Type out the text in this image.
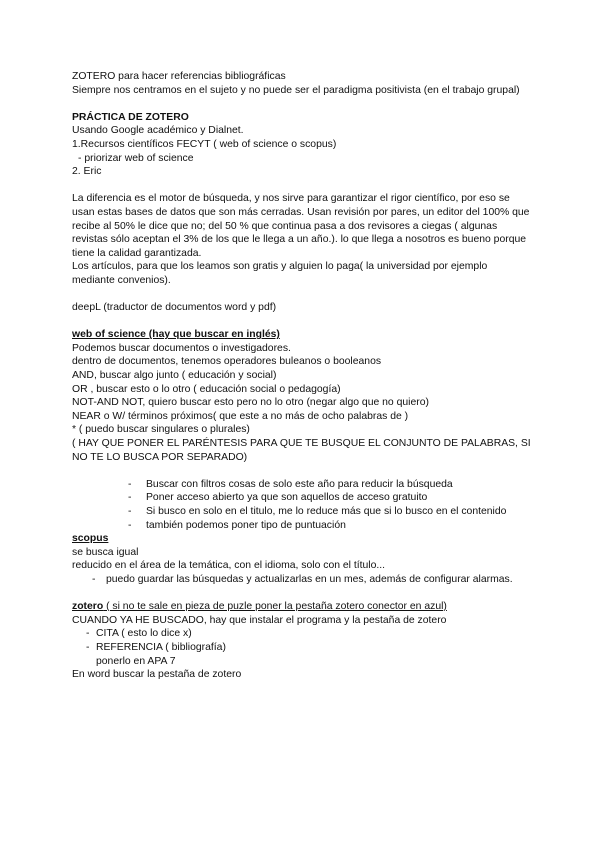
ZOTERO para hacer referencias bibliográficas

Siempre nos centramos en el sujeto y no puede ser el paradigma positivista (en el trabajo grupal)

PRÁCTICA DE ZOTERO

Usando Google académico y Dialnet.

1.Recursos científicos FECYT ( web of science o scopus)

- priorizar web of science

2. Eric

La diferencia es el motor de búsqueda, y nos sirve para garantizar el rigor científico, por eso se usan estas bases de datos que son más cerradas. Usan revisión por pares, un editor del 100% que recibe al 50% le dice que no; del 50 % que continua pasa a dos revisores a ciegas ( algunas revistas sólo aceptan el 3% de los que le llega a un año.). lo que llega a nosotros es bueno porque tiene la calidad garantizada.

Los artículos, para que los leamos son gratis y alguien lo paga( la universidad por ejemplo mediante convenios).

deepL (traductor de documentos word y pdf)

web of science (hay que buscar en inglés)

Podemos buscar documentos o investigadores.

dentro de documentos, tenemos operadores buleanos o booleanos

AND, buscar algo junto ( educación y social)

OR , buscar esto o lo otro ( educación social o pedagogía)

NOT-AND NOT, quiero buscar esto pero no lo otro (negar algo que no quiero)

NEAR o W/ términos próximos( que este a no más de ocho palabras de )

* ( puedo buscar singulares o plurales)

( HAY QUE PONER EL PARÉNTESIS PARA QUE TE BUSQUE EL CONJUNTO DE PALABRAS, SI NO TE LO BUSCA POR SEPARADO)

- Buscar con filtros cosas de solo este año para reducir la búsqueda
- Poner acceso abierto ya que son aquellos de acceso gratuito
- Si busco en solo en el titulo, me lo reduce más que si lo busco en el contenido
- también podemos poner tipo de puntuación

scopus

se busca igual

reducido en el área de la temática, con el idioma, solo con el título...

- puedo guardar las búsquedas y actualizarlas en un mes, además de configurar alarmas.

zotero ( si no te sale en pieza de puzle poner la pestaña zotero conector en azul)

CUANDO YA HE BUSCADO, hay que instalar el programa y la pestaña de zotero

- CITA ( esto lo dice x)
- REFERENCIA ( bibliografía)

ponerlo en APA 7

En word buscar la pestaña de zotero
